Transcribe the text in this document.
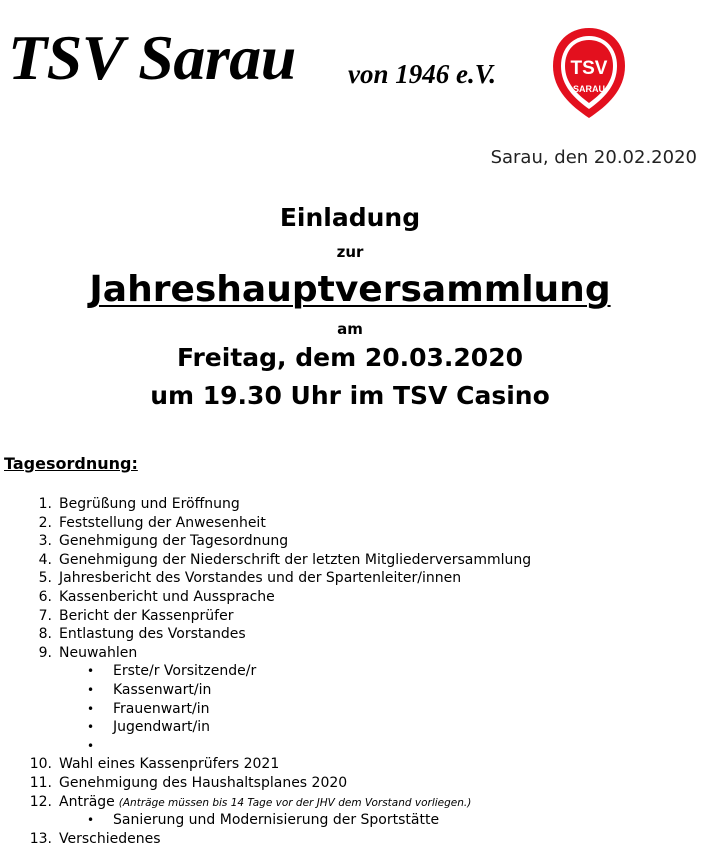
TSV Sarau von 1946 e.V.	TSV
SARAU
Sarau, den 20.02.2020
Einladung
zur
Jahreshauptversammlung
am
Freitag, dem 20.03.2020
um 19.30 Uhr im TSV Casino
Tagesordnung:
1. Begrüßung und Eröffnung
2. Feststellung der Anwesenheit
3. Genehmigung der Tagesordnung
4. Genehmigung der Niederschrift der letzten Mitgliederversammlung
5. Jahresbericht des Vorstandes und der Spartenleiter/innen
6. Kassenbericht und Aussprache
7. Bericht der Kassenprüfer
8. Entlastung des Vorstandes
9. Neuwahlen
• Erste/r Vorsitzende/r
• Kassenwart/in
• Frauenwart/in
• Jugendwart/in
•
10. Wahl eines Kassenprüfers 2021
11. Genehmigung des Haushaltsplanes 2020
12. Anträge (Anträge müssen bis 14 Tage vor der JHV dem Vorstand vorliegen.)
• Sanierung und Modernisierung der Sportstätte
13. Verschiedenes
